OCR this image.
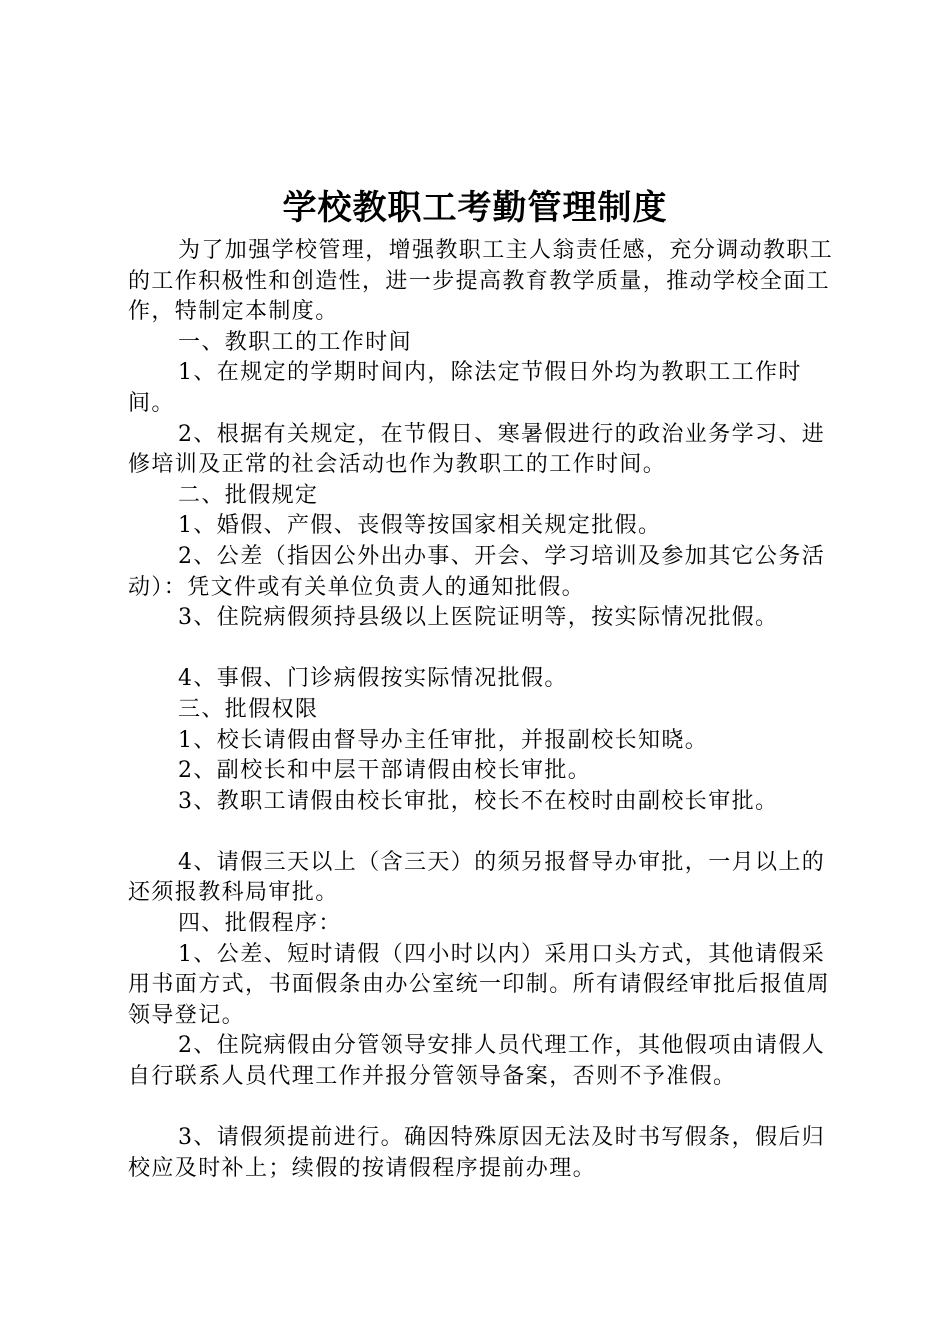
学校教职工考勤管理制度

为了加强学校管理，增强教职工主人翁责任感，充分调动教职工的工作积极性和创造性，进一步提高教育教学质量，推动学校全面工作，特制定本制度。

一、教职工的工作时间

1、在规定的学期时间内，除法定节假日外均为教职工工作时间。

2、根据有关规定，在节假日、寒暑假进行的政治业务学习、进修培训及正常的社会活动也作为教职工的工作时间。

二、批假规定

1、婚假、产假、丧假等按国家相关规定批假。

2、公差（指因公外出办事、开会、学习培训及参加其它公务活动）：凭文件或有关单位负责人的通知批假。

3、住院病假须持县级以上医院证明等，按实际情况批假。

4、事假、门诊病假按实际情况批假。

三、批假权限

1、校长请假由督导办主任审批，并报副校长知晓。

2、副校长和中层干部请假由校长审批。

3、教职工请假由校长审批，校长不在校时由副校长审批。

4、请假三天以上（含三天）的须另报督导办审批，一月以上的还须报教科局审批。

四、批假程序：

1、公差、短时请假（四小时以内）采用口头方式，其他请假采用书面方式，书面假条由办公室统一印制。所有请假经审批后报值周领导登记。

2、住院病假由分管领导安排人员代理工作，其他假项由请假人自行联系人员代理工作并报分管领导备案，否则不予准假。

3、请假须提前进行。确因特殊原因无法及时书写假条，假后归校应及时补上；续假的按请假程序提前办理。
